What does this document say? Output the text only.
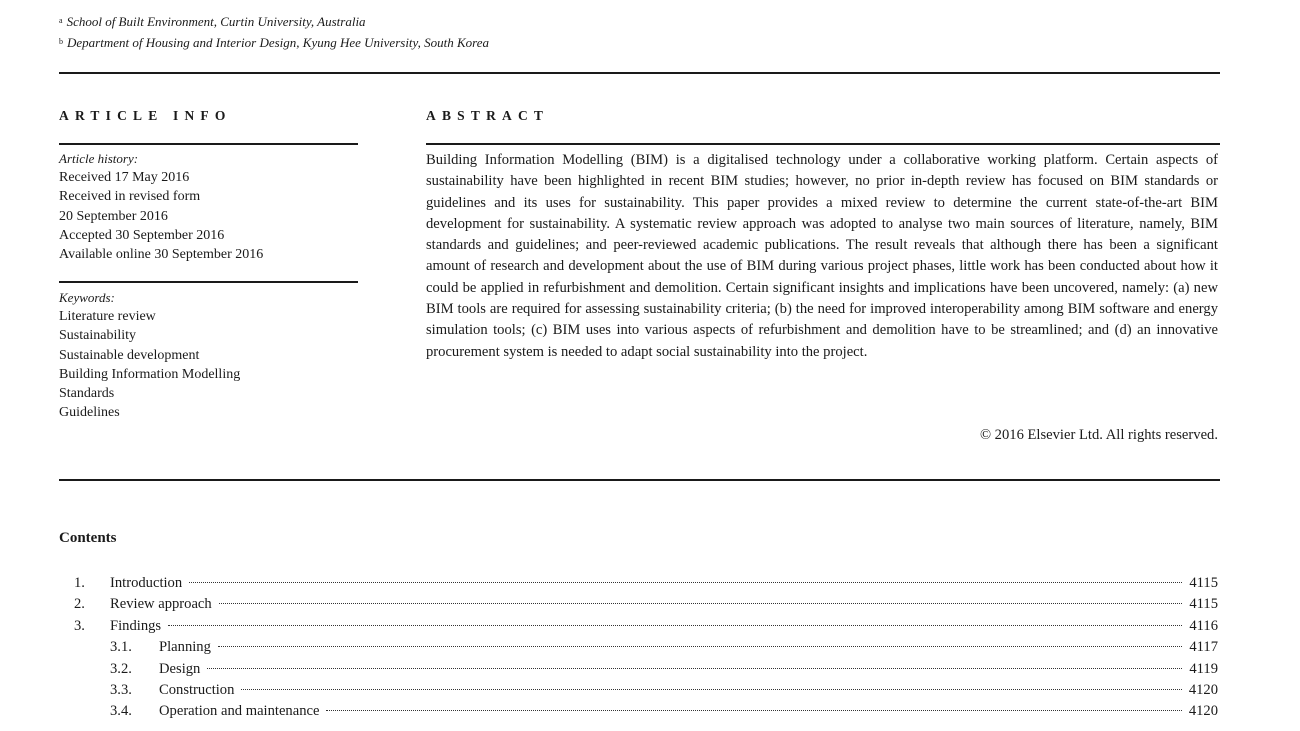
$^a$ School of Built Environment, Curtin University, Australia
$^b$ Department of Housing and Interior Design, Kyung Hee University, South Korea
ARTICLE INFO
Article history:
Received 17 May 2016
Received in revised form
20 September 2016
Accepted 30 September 2016
Available online 30 September 2016
Keywords:
Literature review
Sustainability
Sustainable development
Building Information Modelling
Standards
Guidelines
ABSTRACT

Building Information Modelling (BIM) is a digitalised technology under a collaborative working platform. Certain aspects of sustainability have been highlighted in recent BIM studies; however, no prior in-depth review has focused on BIM standards or guidelines and its uses for sustainability. This paper provides a mixed review to determine the current state-of-the-art BIM development for sustainability. A systematic review approach was adopted to analyse two main sources of literature, namely, BIM standards and guidelines; and peer-reviewed academic publications. The result reveals that although there has been a significant amount of research and development about the use of BIM during various project phases, little work has been conducted about how it could be applied in refurbishment and demolition. Certain significant insights and implications have been uncovered, namely: (a) new BIM tools are required for assessing sustainability criteria; (b) the need for improved interoperability among BIM software and energy simulation tools; (c) BIM uses into various aspects of refurbishment and demolition have to be streamlined; and (d) an innovative procurement system is needed to adapt social sustainability into the project.

© 2016 Elsevier Ltd. All rights reserved.
Contents
1.	Introduction	4115
2.	Review approach	4115
3.	Findings	4116
3.1.	Planning	4117
3.2.	Design	4119
3.3.	Construction	4120
3.4.	Operation and maintenance	4120
